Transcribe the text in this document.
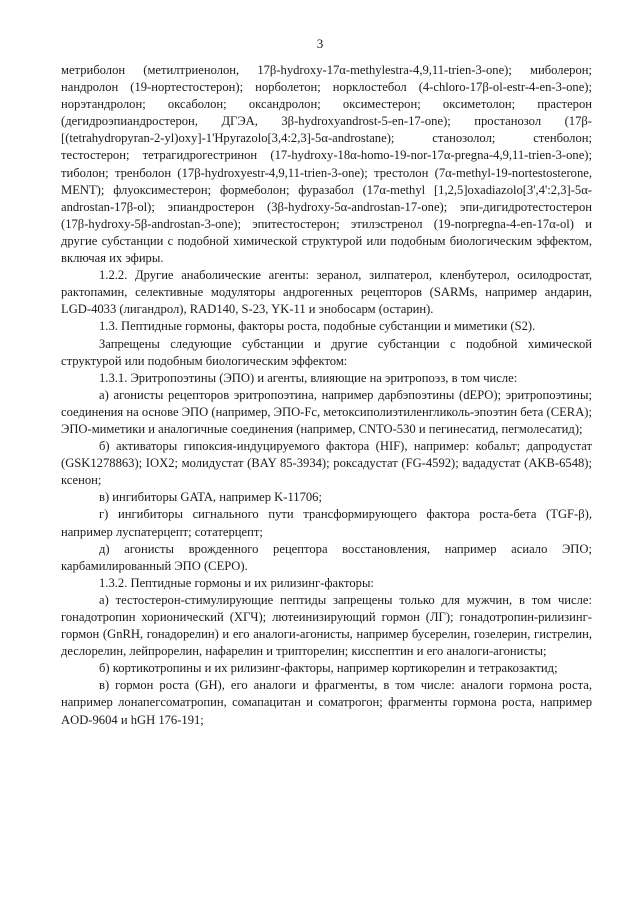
3

метриболон (метилтриенолон, 17β-hydroxy-17α-methylestra-4,9,11-trien-3-one); миболерон; нандролон (19-нортестостерон); норболетон; норклостебол (4-chloro-17β-ol-estr-4-en-3-one); норэтандролон; оксаболон; оксандролон; оксиместерон; оксиметолон; прастерон (дегидроэпиандростерон, ДГЭА, 3β-hydroxyandrost-5-en-17-one); простанозол (17β-[(tetrahydropyran-2-yl)oxy]-1'Hpyrazolo[3,4:2,3]-5α-androstane); станозолол; стенболон; тестостерон; тетрагидрогестринон (17-hydroxy-18α-homo-19-nor-17α-pregna-4,9,11-trien-3-one); тиболон; тренболон (17β-hydroxyestr-4,9,11-trien-3-one); трестолон (7α-methyl-19-nortestosterone, MENT); флуоксиместерон; формеболон; фуразабол (17α-methyl [1,2,5]oxadiazolo[3',4':2,3]-5α-androstan-17β-ol); эпиандростерон (3β-hydroxy-5α-androstan-17-one); эпи-дигидротестостерон (17β-hydroxy-5β-androstan-3-one); эпитестостерон; этилэстренол (19-norpregna-4-en-17α-ol) и другие субстанции с подобной химической структурой или подобным биологическим эффектом, включая их эфиры.

1.2.2. Другие анаболические агенты: зеранол, зилпатерол, кленбутерол, осилодростат, рактопамин, селективные модуляторы андрогенных рецепторов (SARMs, например андарин, LGD-4033 (лигандрол), RAD140, S-23, YK-11 и энобосарм (остарин).

1.3. Пептидные гормоны, факторы роста, подобные субстанции и миметики (S2).

Запрещены следующие субстанции и другие субстанции с подобной химической структурой или подобным биологическим эффектом:

1.3.1. Эритропоэтины (ЭПО) и агенты, влияющие на эритропоэз, в том числе:

а) агонисты рецепторов эритропоэтина, например дарбэпоэтины (dEPO); эритропоэтины; соединения на основе ЭПО (например, ЭПО-Fc, метоксиполиэтиленгликоль-эпоэтин бета (CERA); ЭПО-миметики и аналогичные соединения (например, CNTO-530 и пегинесатид, пегмолесатид);

б) активаторы гипоксия-индуцируемого фактора (HIF), например: кобальт; дапродустат (GSK1278863); IOX2; молидустат (BAY 85-3934); роксадустат (FG-4592); вададустат (AKB-6548); ксенон;

в) ингибиторы GATA, например K-11706;

г) ингибиторы сигнального пути трансформирующего фактора роста-бета (TGF-β), например луспатерцепт; сотатерцепт;

д) агонисты врожденного рецептора восстановления, например асиало ЭПО; карбамилированный ЭПО (CEPO).

1.3.2. Пептидные гормоны и их рилизинг-факторы:

а) тестостерон-стимулирующие пептиды запрещены только для мужчин, в том числе: гонадотропин хорионический (ХГЧ); лютеинизирующий гормон (ЛГ); гонадотропин-рилизинг-гормон (GnRH, гонадорелин) и его аналоги-агонисты, например бусерелин, гозелерин, гистрелин, деслорелин, лейпрорелин, нафарелин и трипторелин; кисспептин и его аналоги-агонисты;

б) кортикотропины и их рилизинг-факторы, например кортикорелин и тетракозактид;

в) гормон роста (GH), его аналоги и фрагменты, в том числе: аналоги гормона роста, например лонапегсоматропин, сомапацитан и соматрогон; фрагменты гормона роста, например AOD-9604 и hGH 176-191;
